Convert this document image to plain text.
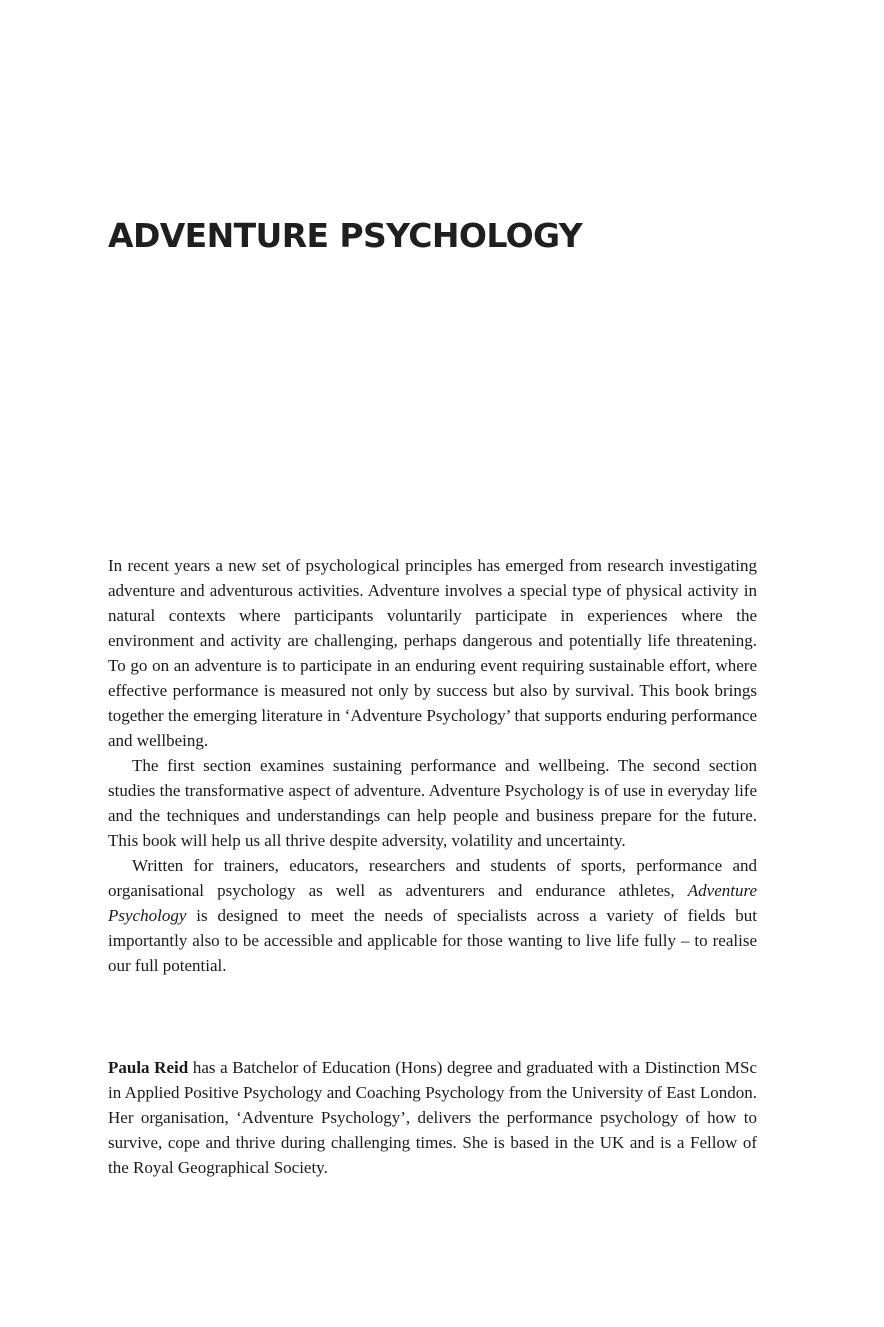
ADVENTURE PSYCHOLOGY

In recent years a new set of psychological principles has emerged from research investigating adventure and adventurous activities. Adventure involves a special type of physical activity in natural contexts where participants voluntarily participate in experiences where the environment and activity are challenging, perhaps dangerous and potentially life threatening. To go on an adventure is to participate in an enduring event requiring sustainable effort, where effective performance is measured not only by success but also by survival. This book brings together the emerging literature in ‘Adventure Psychology’ that supports enduring performance and wellbeing.

The first section examines sustaining performance and wellbeing. The second section studies the transformative aspect of adventure. Adventure Psychology is of use in everyday life and the techniques and understandings can help people and business prepare for the future. This book will help us all thrive despite adversity, volatility and uncertainty.

Written for trainers, educators, researchers and students of sports, performance and organisational psychology as well as adventurers and endurance athletes, Adventure Psychology is designed to meet the needs of specialists across a variety of fields but importantly also to be accessible and applicable for those wanting to live life fully – to realise our full potential.

Paula Reid has a Batchelor of Education (Hons) degree and graduated with a Distinction MSc in Applied Positive Psychology and Coaching Psychology from the University of East London. Her organisation, ‘Adventure Psychology’, delivers the performance psychology of how to survive, cope and thrive during challenging times. She is based in the UK and is a Fellow of the Royal Geographical Society.
